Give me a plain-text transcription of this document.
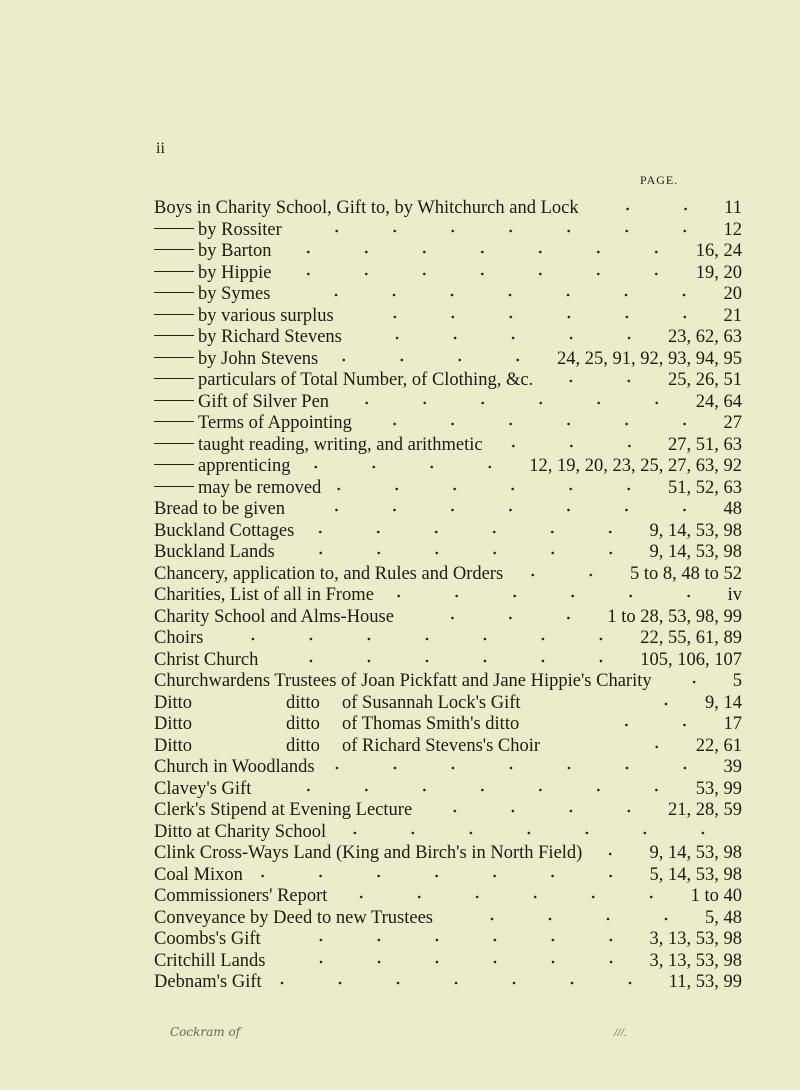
ii
PAGE.
Boys in Charity School, Gift to, by Whitchurch and Lock	11
by Rossiter	12
by Barton	16, 24
by Hippie	19, 20
by Symes	20
by various surplus	21
by Richard Stevens	23, 62, 63
by John Stevens	24, 25, 91, 92, 93, 94, 95
particulars of Total Number, of Clothing, &c.	25, 26, 51
Gift of Silver Pen	24, 64
Terms of Appointing	27
taught reading, writing, and arithmetic	27, 51, 63
apprenticing	12, 19, 20, 23, 25, 27, 63, 92
may be removed	51, 52, 63
Bread to be given	48
Buckland Cottages	9, 14, 53, 98
Buckland Lands	9, 14, 53, 98
Chancery, application to, and Rules and Orders	5 to 8, 48 to 52
Charities, List of all in Frome	iv
Charity School and Alms-House	1 to 28, 53, 98, 99
Choirs	22, 55, 61, 89
Christ Church	105, 106, 107
Churchwardens Trustees of Joan Pickfatt and Jane Hippie's Charity	5
Ditto	ditto of Susannah Lock's Gift	9, 14
Ditto	ditto of Thomas Smith's ditto	17
Ditto	ditto of Richard Stevens's Choir	22, 61
Church in Woodlands	39
Clavey's Gift	53, 99
Clerk's Stipend at Evening Lecture	21, 28, 59
Ditto at Charity School
Clink Cross-Ways Land (King and Birch's in North Field)	9, 14, 53, 98
Coal Mixon	5, 14, 53, 98
Commissioners' Report	1 to 40
Conveyance by Deed to new Trustees	5, 48
Coombs's Gift	3, 13, 53, 98
Critchill Lands	3, 13, 53, 98
Debnam's Gift	11, 53, 99
Cockram of	///.
